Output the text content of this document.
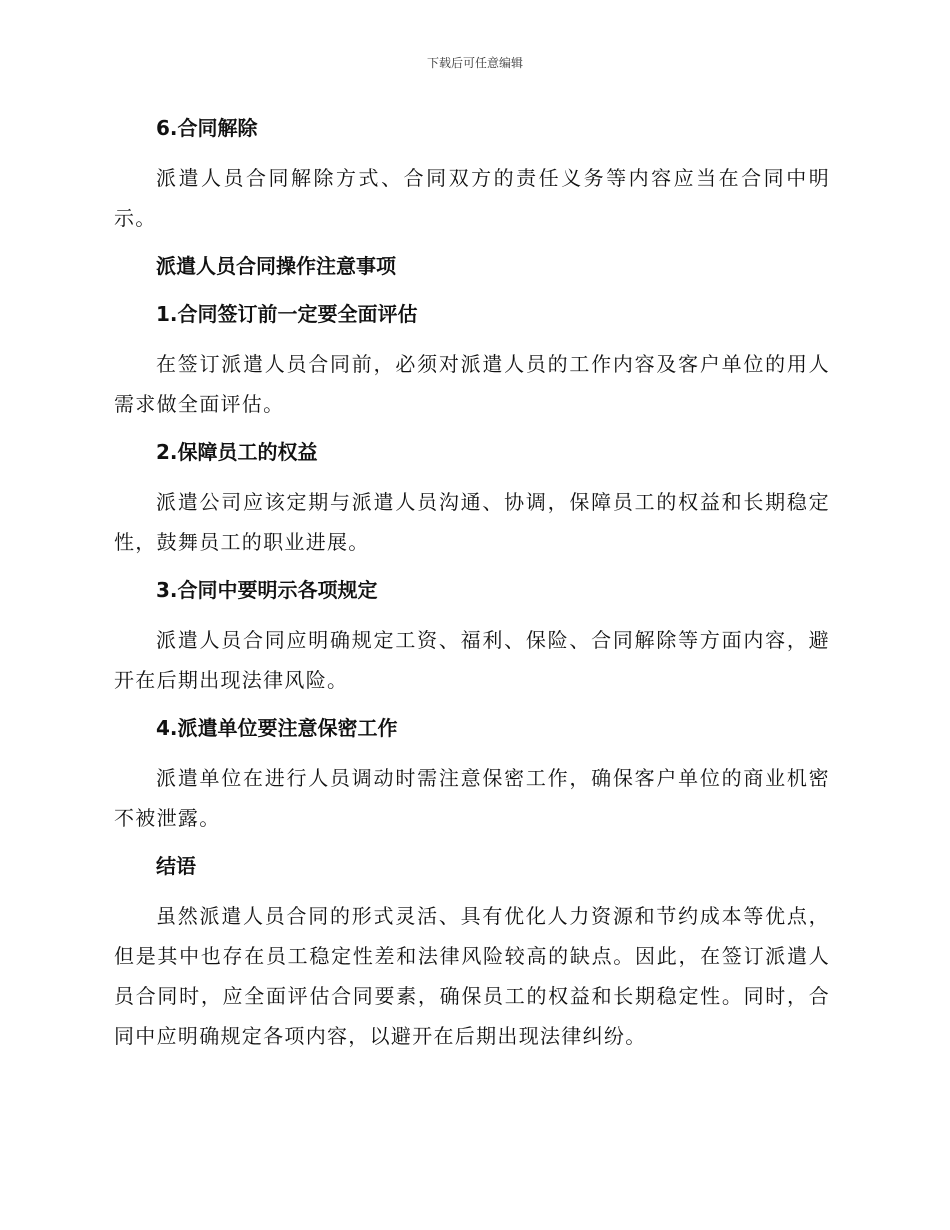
下载后可任意编辑
6.合同解除

派遣人员合同解除方式、合同双方的责任义务等内容应当在合同中明示。

派遣人员合同操作注意事项
1.合同签订前一定要全面评估

在签订派遣人员合同前，必须对派遣人员的工作内容及客户单位的用人需求做全面评估。

2.保障员工的权益

派遣公司应该定期与派遣人员沟通、协调，保障员工的权益和长期稳定性，鼓舞员工的职业进展。

3.合同中要明示各项规定

派遣人员合同应明确规定工资、福利、保险、合同解除等方面内容，避开在后期出现法律风险。

4.派遣单位要注意保密工作

派遣单位在进行人员调动时需注意保密工作，确保客户单位的商业机密不被泄露。

结语

虽然派遣人员合同的形式灵活、具有优化人力资源和节约成本等优点，但是其中也存在员工稳定性差和法律风险较高的缺点。因此，在签订派遣人员合同时，应全面评估合同要素，确保员工的权益和长期稳定性。同时，合同中应明确规定各项内容，以避开在后期出现法律纠纷。
